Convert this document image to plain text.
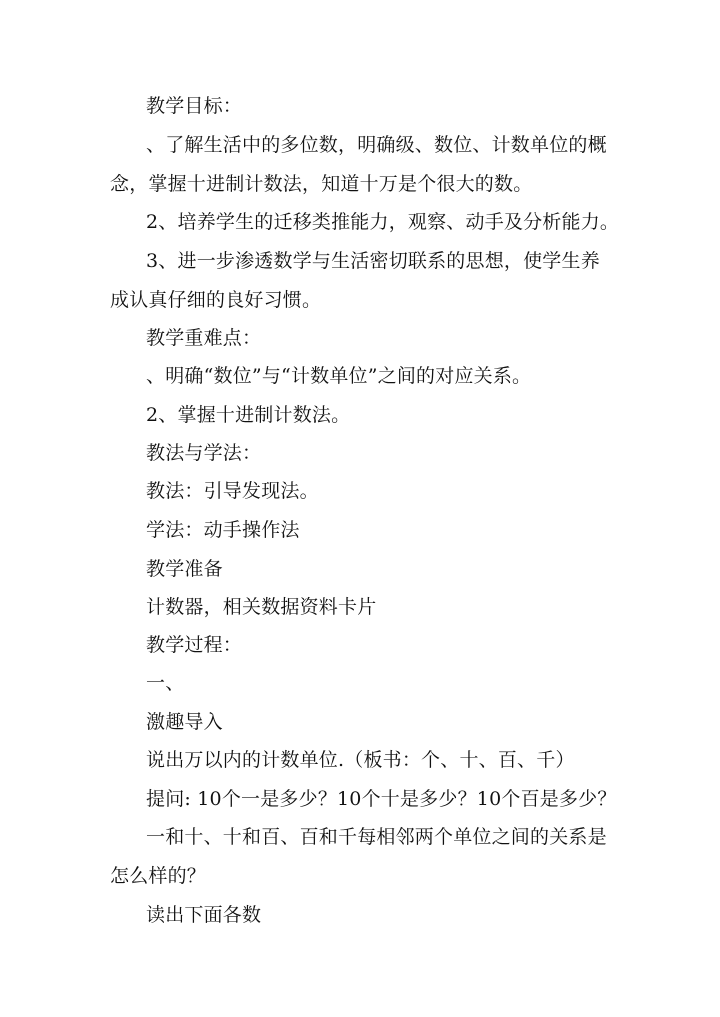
教学目标：
、了解生活中的多位数，明确级、数位、计数单位的概
念，掌握十进制计数法，知道十万是个很大的数。
2、培养学生的迁移类推能力，观察、动手及分析能力。
3、进一步渗透数学与生活密切联系的思想，使学生养
成认真仔细的良好习惯。
教学重难点：
、明确“数位”与“计数单位”之间的对应关系。
2、掌握十进制计数法。
教法与学法：
教法：引导发现法。
学法：动手操作法
教学准备
计数器，相关数据资料卡片
教学过程：
一、
激趣导入
说出万以内的计数单位.（板书：个、十、百、千）
提问: 10个一是多少？10个十是多少？10个百是多少？
一和十、十和百、百和千每相邻两个单位之间的关系是
怎么样的？
读出下面各数
